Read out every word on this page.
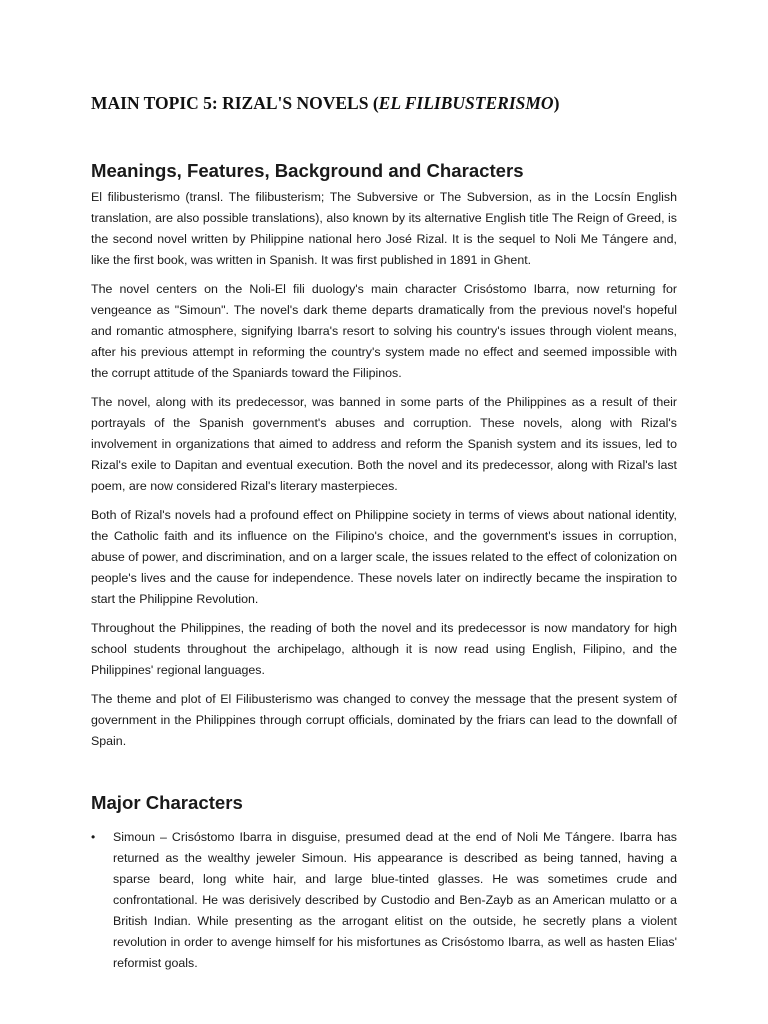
MAIN TOPIC 5: RIZAL'S NOVELS (EL FILIBUSTERISMO)
Meanings, Features, Background and Characters

El filibusterismo (transl. The filibusterism; The Subversive or The Subversion, as in the Locsín English translation, are also possible translations), also known by its alternative English title The Reign of Greed, is the second novel written by Philippine national hero José Rizal. It is the sequel to Noli Me Tángere and, like the first book, was written in Spanish. It was first published in 1891 in Ghent.

The novel centers on the Noli-El fili duology's main character Crisóstomo Ibarra, now returning for vengeance as "Simoun". The novel's dark theme departs dramatically from the previous novel's hopeful and romantic atmosphere, signifying Ibarra's resort to solving his country's issues through violent means, after his previous attempt in reforming the country's system made no effect and seemed impossible with the corrupt attitude of the Spaniards toward the Filipinos.

The novel, along with its predecessor, was banned in some parts of the Philippines as a result of their portrayals of the Spanish government's abuses and corruption. These novels, along with Rizal's involvement in organizations that aimed to address and reform the Spanish system and its issues, led to Rizal's exile to Dapitan and eventual execution. Both the novel and its predecessor, along with Rizal's last poem, are now considered Rizal's literary masterpieces.

Both of Rizal's novels had a profound effect on Philippine society in terms of views about national identity, the Catholic faith and its influence on the Filipino's choice, and the government's issues in corruption, abuse of power, and discrimination, and on a larger scale, the issues related to the effect of colonization on people's lives and the cause for independence. These novels later on indirectly became the inspiration to start the Philippine Revolution.

Throughout the Philippines, the reading of both the novel and its predecessor is now mandatory for high school students throughout the archipelago, although it is now read using English, Filipino, and the Philippines' regional languages.

The theme and plot of El Filibusterismo was changed to convey the message that the present system of government in the Philippines through corrupt officials, dominated by the friars can lead to the downfall of Spain.

Major Characters
• Simoun – Crisóstomo Ibarra in disguise, presumed dead at the end of Noli Me Tángere. Ibarra has returned as the wealthy jeweler Simoun. His appearance is described as being tanned, having a sparse beard, long white hair, and large blue-tinted glasses. He was sometimes crude and confrontational. He was derisively described by Custodio and Ben-Zayb as an American mulatto or a British Indian. While presenting as the arrogant elitist on the outside, he secretly plans a violent revolution in order to avenge himself for his misfortunes as Crisóstomo Ibarra, as well as hasten Elias' reformist goals.
